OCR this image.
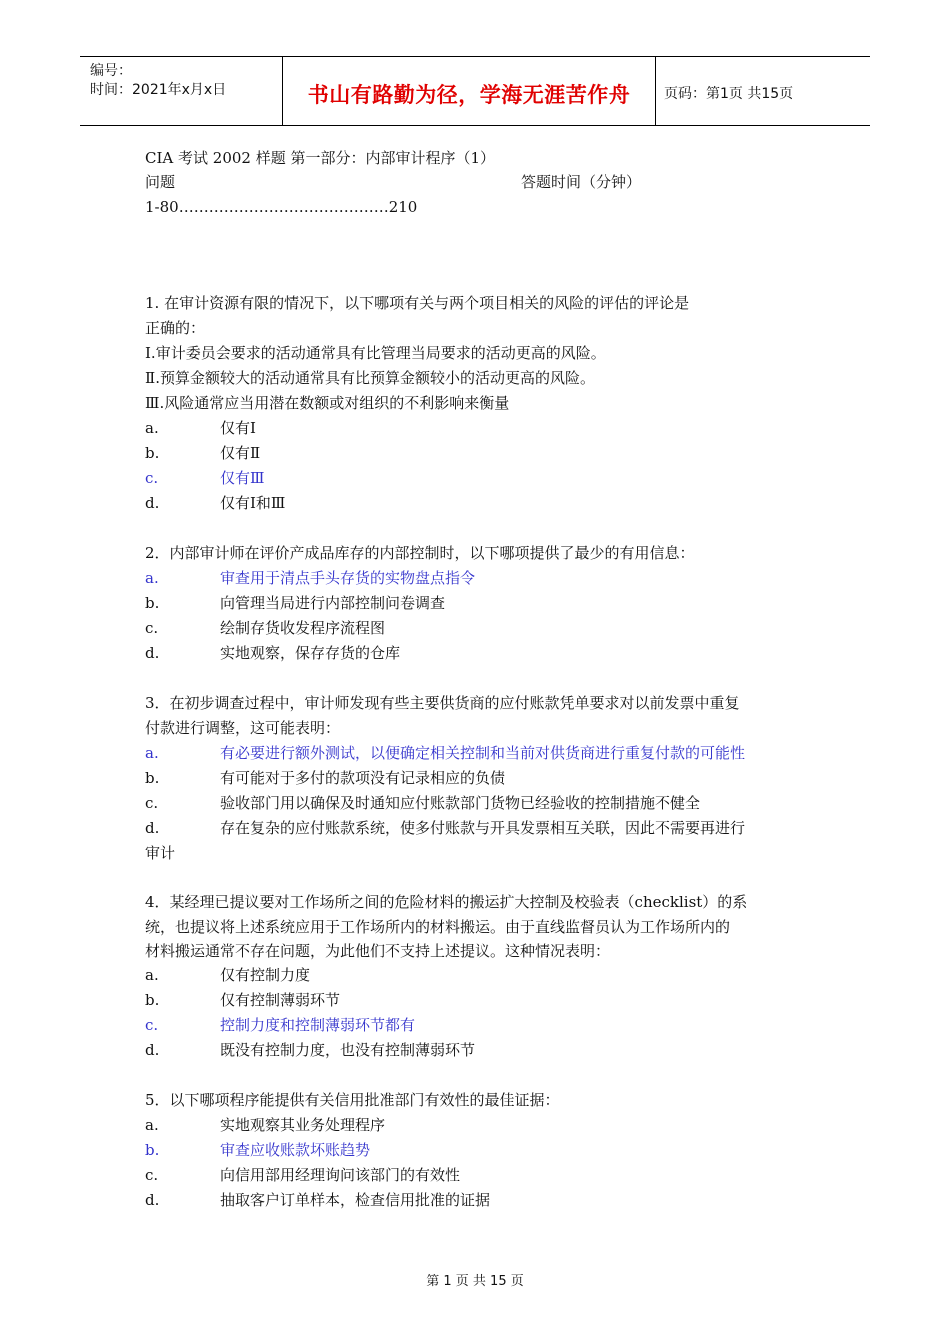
编号：
时间：2021年x月x日	书山有路勤为径，学海无涯苦作舟	页码：第1页 共15页
CIA 考试 2002 样题 第一部分：内部审计程序（1）
问题	答题时间（分钟）
1-80……………………………………210
1. 在审计资源有限的情况下，以下哪项有关与两个项目相关的风险的评估的评论是
正确的：
Ⅰ.审计委员会要求的活动通常具有比管理当局要求的活动更高的风险。
Ⅱ.预算金额较大的活动通常具有比预算金额较小的活动更高的风险。
Ⅲ.风险通常应当用潜在数额或对组织的不利影响来衡量
a.	仅有Ⅰ
b.	仅有Ⅱ
c.	仅有Ⅲ
d.	仅有Ⅰ和Ⅲ
2．内部审计师在评价产成品库存的内部控制时，以下哪项提供了最少的有用信息：
a.	审查用于清点手头存货的实物盘点指令
b.	向管理当局进行内部控制问卷调查
c.	绘制存货收发程序流程图
d.	实地观察，保存存货的仓库
3．在初步调查过程中，审计师发现有些主要供货商的应付账款凭单要求对以前发票中重复
付款进行调整，这可能表明：
a.	有必要进行额外测试，以便确定相关控制和当前对供货商进行重复付款的可能性
b.	有可能对于多付的款项没有记录相应的负债
c.	验收部门用以确保及时通知应付账款部门货物已经验收的控制措施不健全
d.	存在复杂的应付账款系统，使多付账款与开具发票相互关联，因此不需要再进行
审计
4．某经理已提议要对工作场所之间的危险材料的搬运扩大控制及校验表（checklist）的系
统，也提议将上述系统应用于工作场所内的材料搬运。由于直线监督员认为工作场所内的
材料搬运通常不存在问题，为此他们不支持上述提议。这种情况表明：
a.	仅有控制力度
b.	仅有控制薄弱环节
c.	控制力度和控制薄弱环节都有
d.	既没有控制力度，也没有控制薄弱环节
5．以下哪项程序能提供有关信用批准部门有效性的最佳证据：
a.	实地观察其业务处理程序
b.	审查应收账款坏账趋势
c.	向信用部用经理询问该部门的有效性
d.	抽取客户订单样本，检查信用批准的证据
第 1 页 共 15 页
